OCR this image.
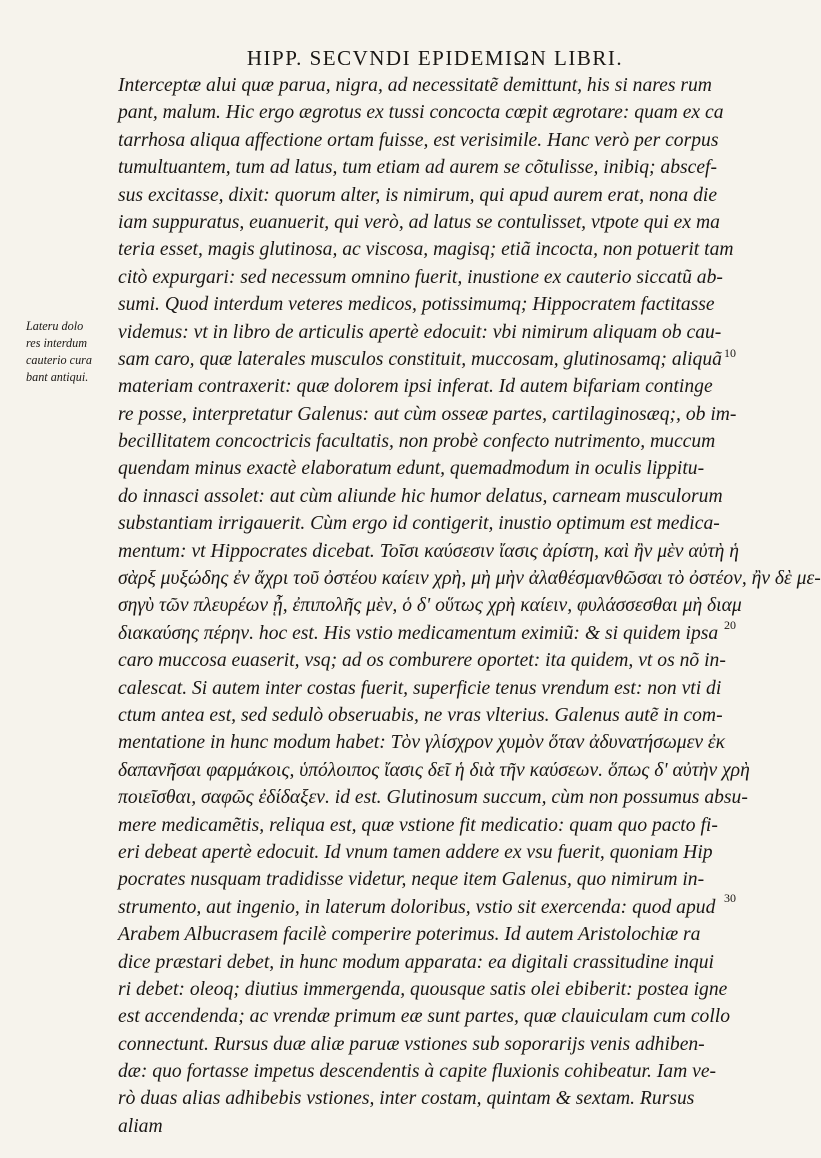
HIPP. SECVNDI EPIDEMIΩN LIBRI.
Lateru dolo
res interdum
cauterio cura
bant antiqui.
Interceptæ alui quæ parua, nigra, ad necessitatẽ demittunt, his si nares rum
pant, malum. Hic ergo ægrotus ex tussi concocta cœpit ægrotare: quam ex ca
tarrhosa aliqua affectione ortam fuisse, est verisimile. Hanc verò per corpus
tumultuantem, tum ad latus, tum etiam ad aurem se cõtulisse, inibiq; abscef-
sus excitasse, dixit: quorum alter, is nimirum, qui apud aurem erat, nona die
iam suppuratus, euanuerit, qui verò, ad latus se contulisset, vtpote qui ex ma
teria esset, magis glutinosa, ac viscosa, magisq; etiã incocta, non potuerit tam
citò expurgari: sed necessum omnino fuerit, inustione ex cauterio siccatũ ab-
sumi. Quod interdum veteres medicos, potissimumq; Hippocratem factitasse
videmus: vt in libro de articulis apertè edocuit: vbi nimirum aliquam ob cau-
sam caro, quæ laterales musculos constituit, muccosam, glutinosamq; aliquã
materiam contraxerit: quæ dolorem ipsi inferat. Id autem bifariam continge
re posse, interpretatur Galenus: aut cùm osseæ partes, cartilaginosæq;, ob im-
becillitatem concoctricis facultatis, non probè confecto nutrimento, muccum
quendam minus exactè elaboratum edunt, quemadmodum in oculis lippitu-
do innasci assolet: aut cùm aliunde hic humor delatus, carneam musculorum
substantiam irrigauerit. Cùm ergo id contigerit, inustio optimum est medica-
mentum: vt Hippocrates dicebat. Τοῖσι καύσεσιν ἴασις ἀρίστη, καὶ ἢν μὲν αὐτὴ ἡ
σὰρξ μυξώδης ἐν ἄχρι τοῦ ὀστέου καίειν χρὴ, μὴ μὴν ἀλαθέσμανθῶσαι τὸ ὀστέον, ἢν δὲ με-
σηγὺ τῶν πλευρέων ᾖ, ἐπιπολῆς μὲν, ὁ δ' οὕτως χρὴ καίειν, φυλάσσεσθαι μὴ διαμ
διακαύσης πέρην. hoc est. His vstio medicamentum eximiũ: & si quidem ipsa
caro muccosa euaserit, vsq; ad os comburere oportet: ita quidem, vt os nõ in-
calescat. Si autem inter costas fuerit, superficie tenus vrendum est: non vti di
ctum antea est, sed sedulò obseruabis, ne vras vlterius. Galenus autẽ in com-
mentatione in hunc modum habet: Τὸν γλίσχρον χυμὸν ὅταν ἀδυνατήσωμεν ἐκ
δαπανῆσαι φαρμάκοις, ὑπόλοιπος ἴασις δεῖ ἡ διὰ τῆν καύσεων. ὅπως δ' αὐτὴν χρὴ
ποιεῖσθαι, σαφῶς ἐδίδαξεν. id est. Glutinosum succum, cùm non possumus absu-
mere medicamẽtis, reliqua est, quæ vstione fit medicatio: quam quo pacto fi-
eri debeat apertè edocuit. Id vnum tamen addere ex vsu fuerit, quoniam Hip
pocrates nusquam tradidisse videtur, neque item Galenus, quo nimirum in-
strumento, aut ingenio, in laterum doloribus, vstio sit exercenda: quod apud
Arabem Albucrasem facilè comperire poterimus. Id autem Aristolochiæ ra
dice præstari debet, in hunc modum apparata: ea digitali crassitudine inqui
ri debet: oleoq; diutius immergenda, quousque satis olei ebiberit: postea igne
est accendenda; ac vrendæ primum eæ sunt partes, quæ clauiculam cum collo
connectunt. Rursus duæ aliæ paruæ vstiones sub soporarijs venis adhiben-
dæ: quo fortasse impetus descendentis à capite fluxionis cohibeatur. Iam ve-
rò duas alias adhibebis vstiones, inter costam, quintam & sextam. Rursus
aliam
10
20
30
